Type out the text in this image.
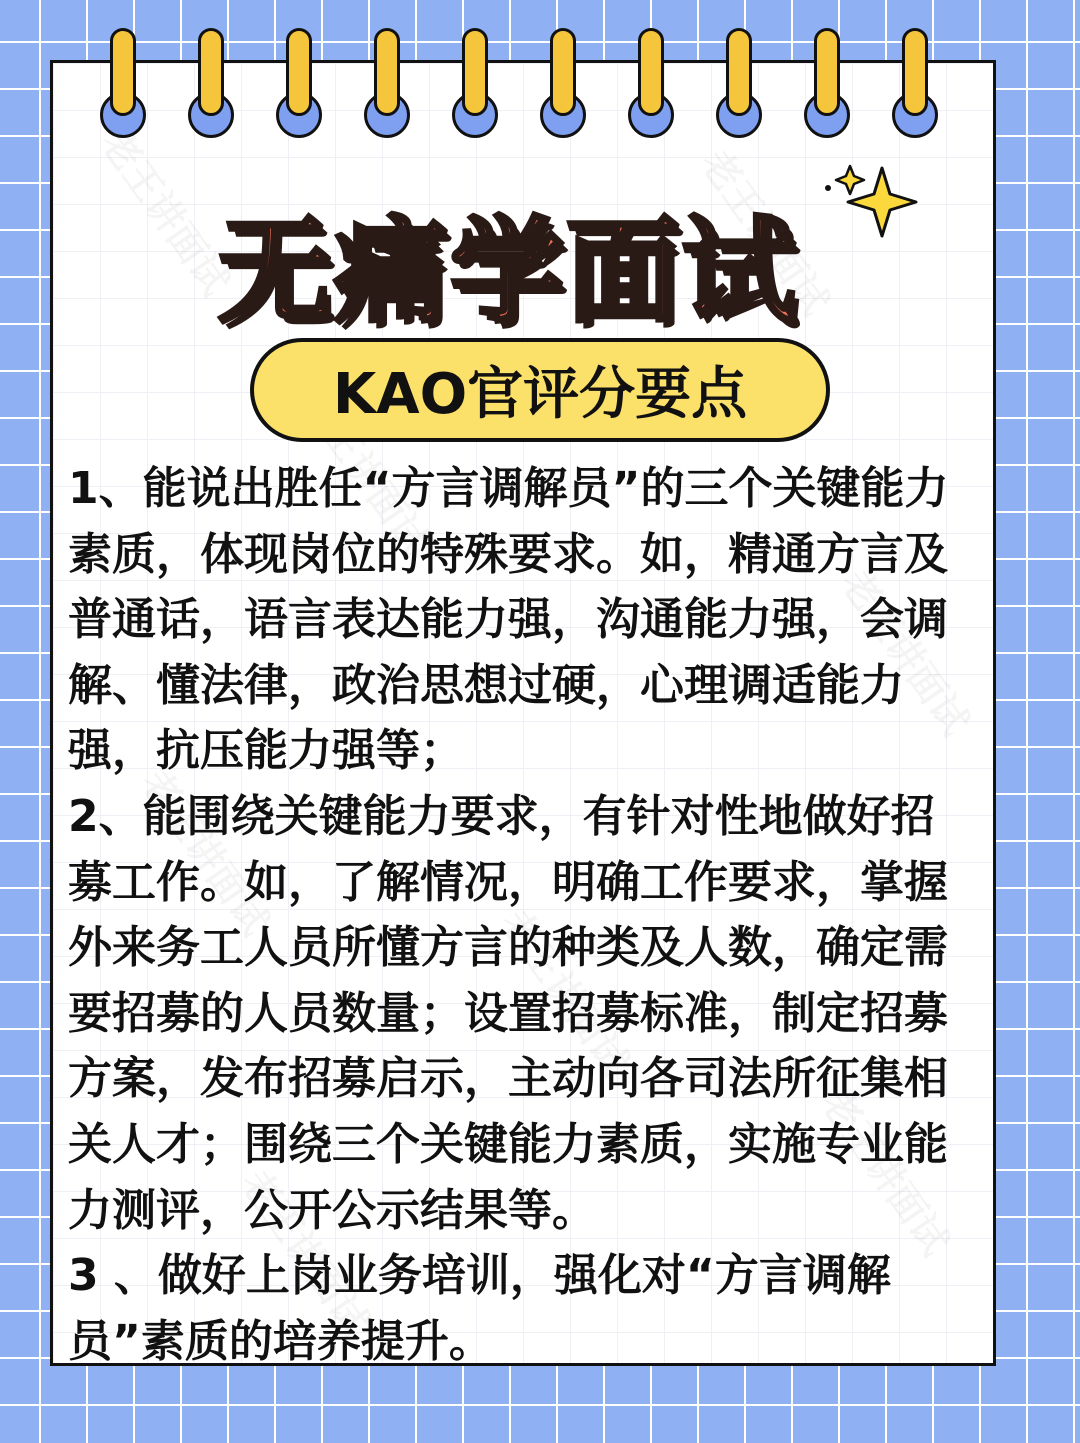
无痛学面试
KAO官评分要点

1、能说出胜任“方言调解员”的三个关键能力素质，体现岗位的特殊要求。如，精通方言及普通话，语言表达能力强，沟通能力强，会调解、懂法律，政治思想过硬，心理调适能力强，抗压能力强等；

2、能围绕关键能力要求，有针对性地做好招募工作。如，了解情况，明确工作要求，掌握外来务工人员所懂方言的种类及人数，确定需要招募的人员数量；设置招募标准，制定招募方案，发布招募启示，主动向各司法所征集相关人才；围绕三个关键能力素质，实施专业能力测评，公开公示结果等。

3 、做好上岗业务培训，强化对“方言调解员”素质的培养提升。
